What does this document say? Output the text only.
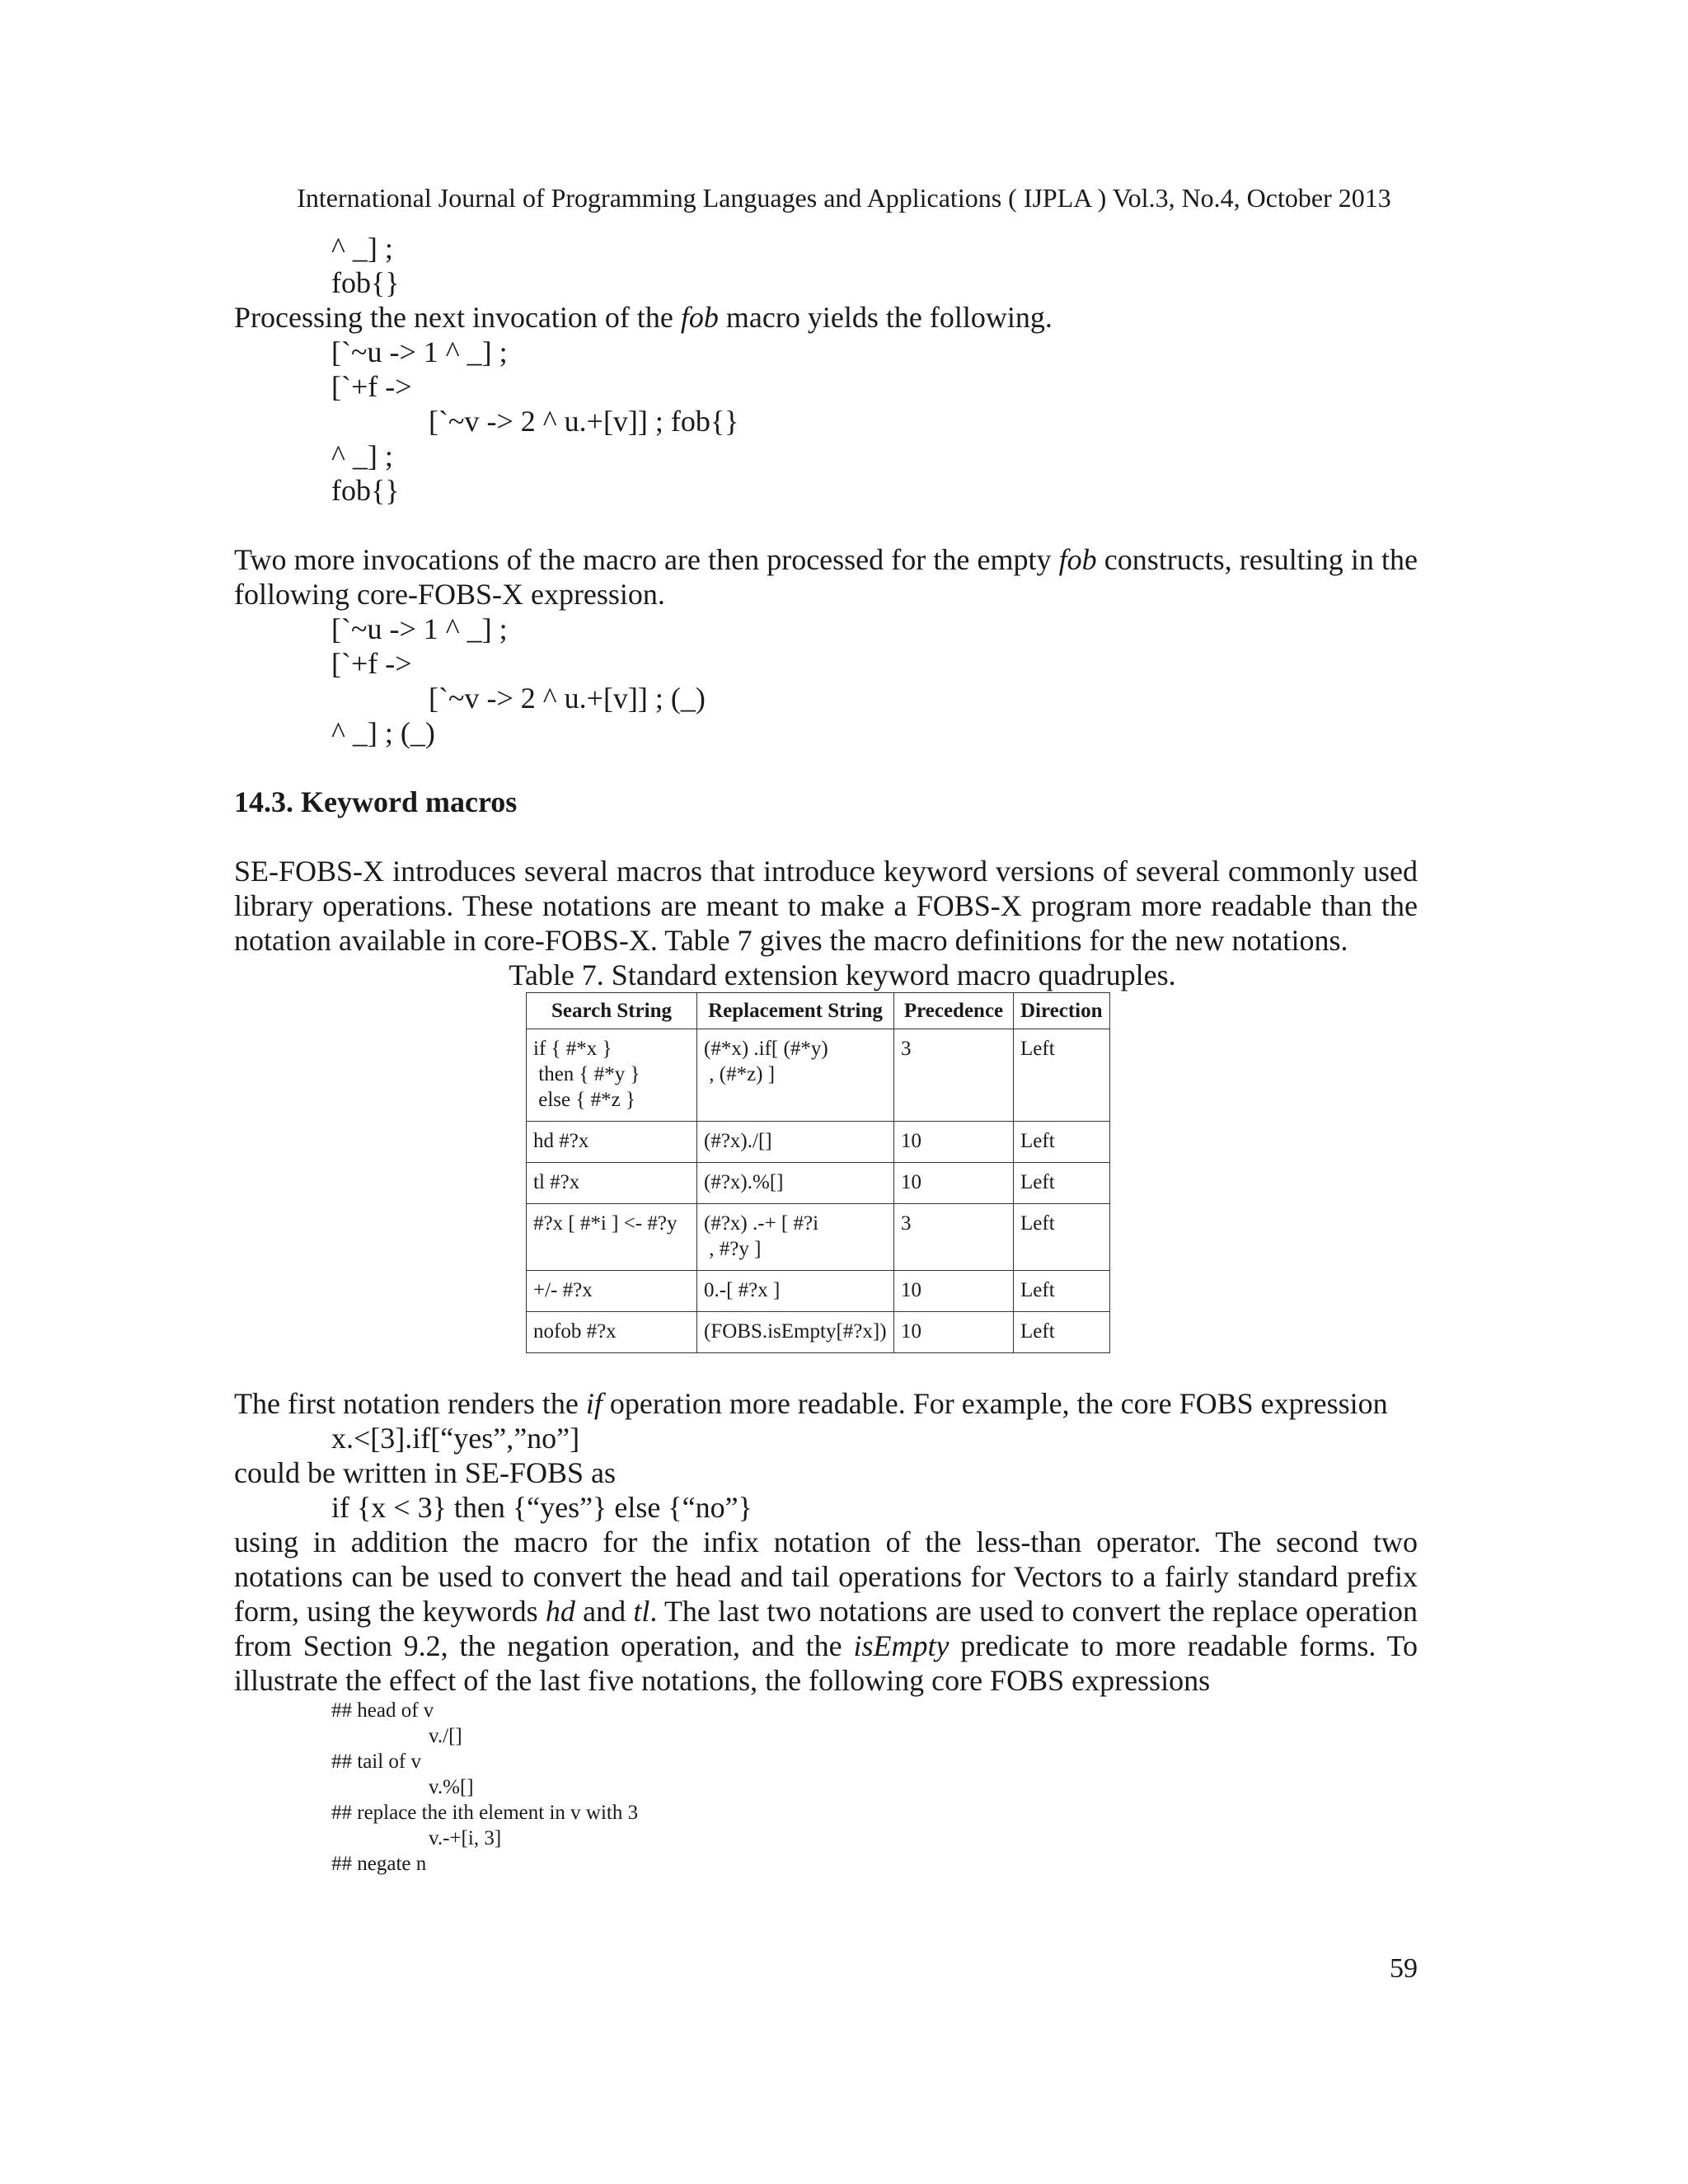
International Journal of Programming Languages and Applications ( IJPLA ) Vol.3, No.4, October 2013
^ _] ;
fob{}
Processing the next invocation of the fob macro yields the following.
[`~u -> 1 ^ _] ;
[`+f ->
[`~v -> 2 ^ u.+[v]] ; fob{}
^ _] ;
fob{}
Two more invocations of the macro are then processed for the empty fob constructs, resulting in the following core-FOBS-X expression.
[`~u -> 1 ^ _] ;
[`+f ->
[`~v -> 2 ^ u.+[v]] ; (_)
^ _] ; (_)
14.3. Keyword macros
SE-FOBS-X introduces several macros that introduce keyword versions of several commonly used library operations. These notations are meant to make a FOBS-X program more readable than the notation available in core-FOBS-X. Table 7 gives the macro definitions for the new notations.
Table 7. Standard extension keyword macro quadruples.
Search String	Replacement String	Precedence	Direction

if { #*x }
then { #*y }
else { #*z }	(#*x) .if[ (#*y)
, (#*z) ]	3	Left

hd #?x	(#?x)./[]	10	Left

tl #?x	(#?x).%[]	10	Left

#?x [ #*i ] <- #?y	(#?x) .-+ [ #?i
, #?y ]	3	Left

+/- #?x	0.-[ #?x ]	10	Left

nofob #?x	(FOBS.isEmpty[#?x])	10	Left
The first notation renders the if operation more readable. For example, the core FOBS expression
x.<[3].if[“yes”,”no”]
could be written in SE-FOBS as
if {x < 3} then {“yes”} else {“no”}
using in addition the macro for the infix notation of the less-than operator. The second two notations can be used to convert the head and tail operations for Vectors to a fairly standard prefix form, using the keywords hd and tl. The last two notations are used to convert the replace operation from Section 9.2, the negation operation, and the isEmpty predicate to more readable forms. To illustrate the effect of the last five notations, the following core FOBS expressions
## head of v
v./[]
## tail of v
v.%[]
## replace the ith element in v with 3
v.-+[i, 3]
## negate n
59
